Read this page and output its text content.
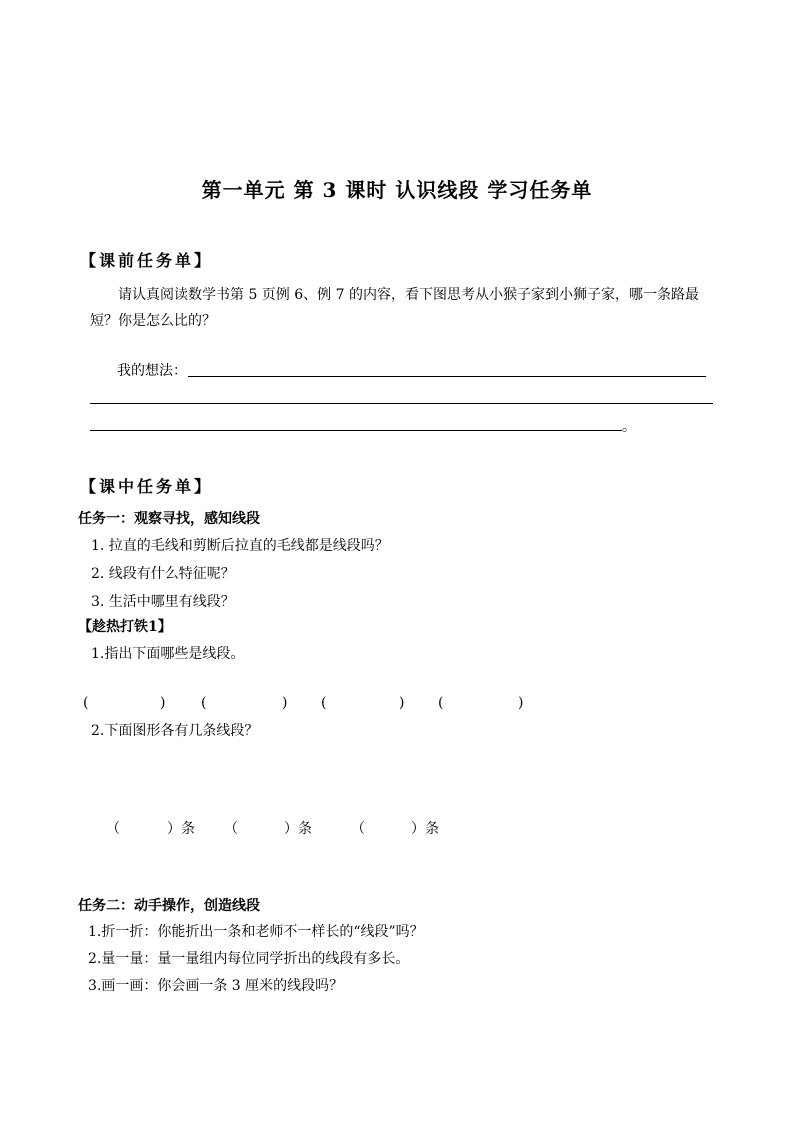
第一单元 第 3 课时 认识线段 学习任务单
【课前任务单】
请认真阅读数学书第 5 页例 6、例 7 的内容，看下图思考从小猴子家到小狮子家，哪一条路最短？你是怎么比的？
我的想法：
。
【课中任务单】
任务一：观察寻找，感知线段
1. 拉直的毛线和剪断后拉直的毛线都是线段吗？
2. 线段有什么特征呢？
3. 生活中哪里有线段？
【趁热打铁1】
1.指出下面哪些是线段。
(	)	(	) (	) (	)
2.下面图形各有几条线段？
（	）条 （	）条	（	）条
任务二：动手操作，创造线段
1.折一折：你能折出一条和老师不一样长的“线段”吗？
2.量一量：量一量组内每位同学折出的线段有多长。
3.画一画：你会画一条 3 厘米的线段吗？
